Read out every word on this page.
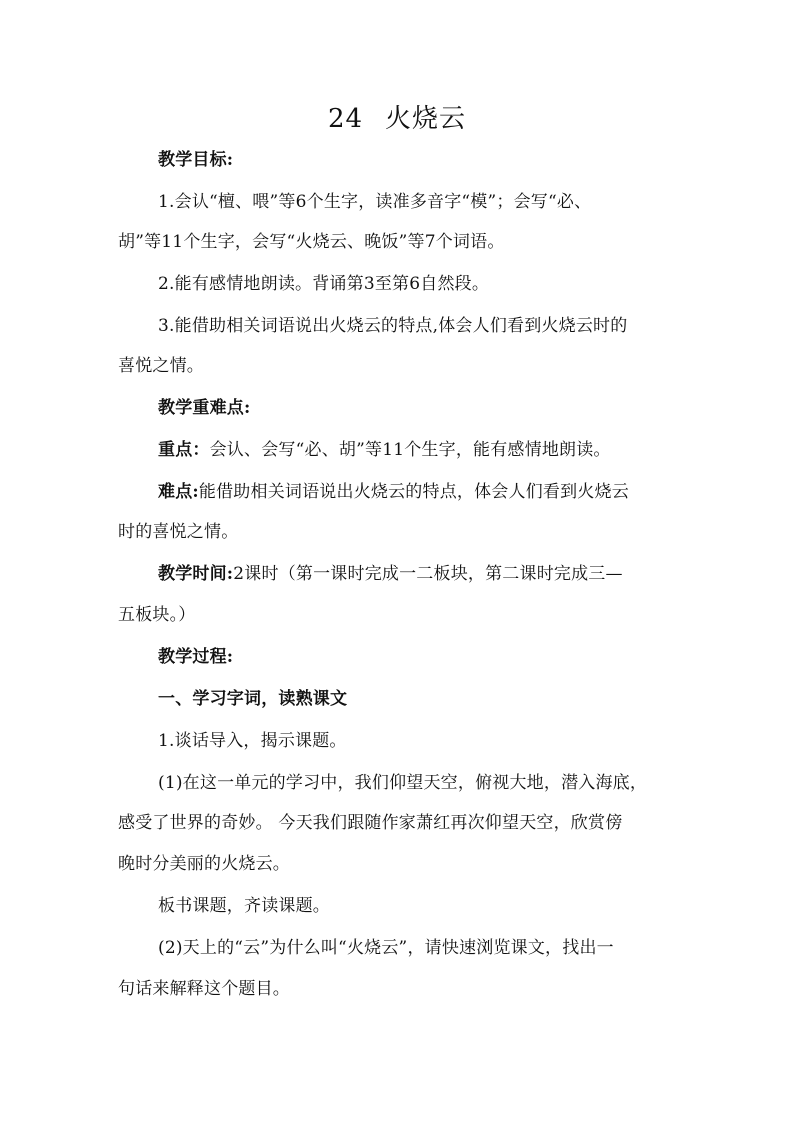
24 火烧云
教学目标:
1.会认“檀、喂”等6个生字，读准多音字“模”；会写“必、
胡”等11个生字，会写“火烧云、晚饭”等7个词语。
2.能有感情地朗读。背诵第3至第6自然段。
3.能借助相关词语说出火烧云的特点,体会人们看到火烧云时的
喜悦之情。
教学重难点:
重点：会认、会写“必、胡”等11个生字，能有感情地朗读。
难点:能借助相关词语说出火烧云的特点，体会人们看到火烧云
时的喜悦之情。
教学时间:2课时（第一课时完成一二板块，第二课时完成三—
五板块。）
教学过程:
一、学习字词，读熟课文
1.谈话导入，揭示课题。
(1)在这一单元的学习中，我们仰望天空，俯视大地，潜入海底，
感受了世界的奇妙。 今天我们跟随作家萧红再次仰望天空，欣赏傍
晚时分美丽的火烧云。
板书课题，齐读课题。
(2)天上的“云”为什么叫“火烧云”，请快速浏览课文，找出一
句话来解释这个题目。
